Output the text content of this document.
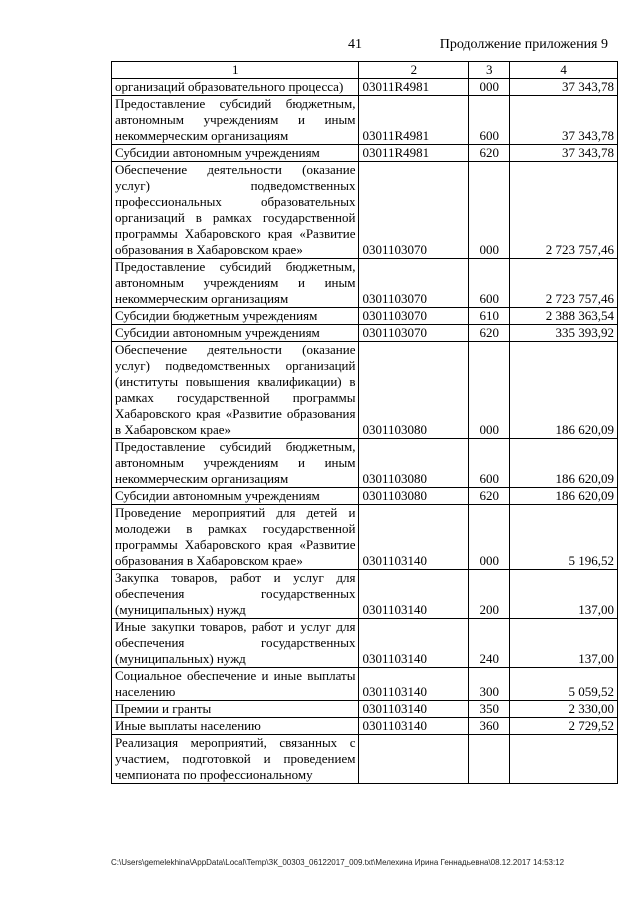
41	Продолжение приложения 9
1	2	3	4
организаций образовательного процесса)	03011R4981	000	37 343,78
Предоставление субсидий бюджетным, автономным учреждениям и иным некоммерческим организациям	03011R4981	600	37 343,78
Субсидии автономным учреждениям	03011R4981	620	37 343,78
Обеспечение деятельности (оказание услуг) подведомственных профессиональных образовательных организаций в рамках государственной программы Хабаровского края «Развитие образования в Хабаровском крае»	0301103070	000	2 723 757,46
Предоставление субсидий бюджетным, автономным учреждениям и иным некоммерческим организациям	0301103070	600	2 723 757,46
Субсидии бюджетным учреждениям	0301103070	610	2 388 363,54
Субсидии автономным учреждениям	0301103070	620	335 393,92
Обеспечение деятельности (оказание услуг) подведомственных организаций (институты повышения квалификации) в рамках государственной программы Хабаровского края «Развитие образования в Хабаровском крае»	0301103080	000	186 620,09
Предоставление субсидий бюджетным, автономным учреждениям и иным некоммерческим организациям	0301103080	600	186 620,09
Субсидии автономным учреждениям	0301103080	620	186 620,09
Проведение мероприятий для детей и молодежи в рамках государственной программы Хабаровского края «Развитие образования в Хабаровском крае»	0301103140	000	5 196,52
Закупка товаров, работ и услуг для обеспечения государственных (муниципальных) нужд	0301103140	200	137,00
Иные закупки товаров, работ и услуг для обеспечения государственных (муниципальных) нужд	0301103140	240	137,00
Социальное обеспечение и иные выплаты населению	0301103140	300	5 059,52
Премии и гранты	0301103140	350	2 330,00
Иные выплаты населению	0301103140	360	2 729,52
Реализация мероприятий, связанных с участием, подготовкой и проведением чемпионата по профессиональному			
C:\Users\gemelekhina\AppData\Local\Temp\ЗК_00303_06122017_009.txt\Мелехина Ирина Геннадьевна\08.12.2017 14:53:12
